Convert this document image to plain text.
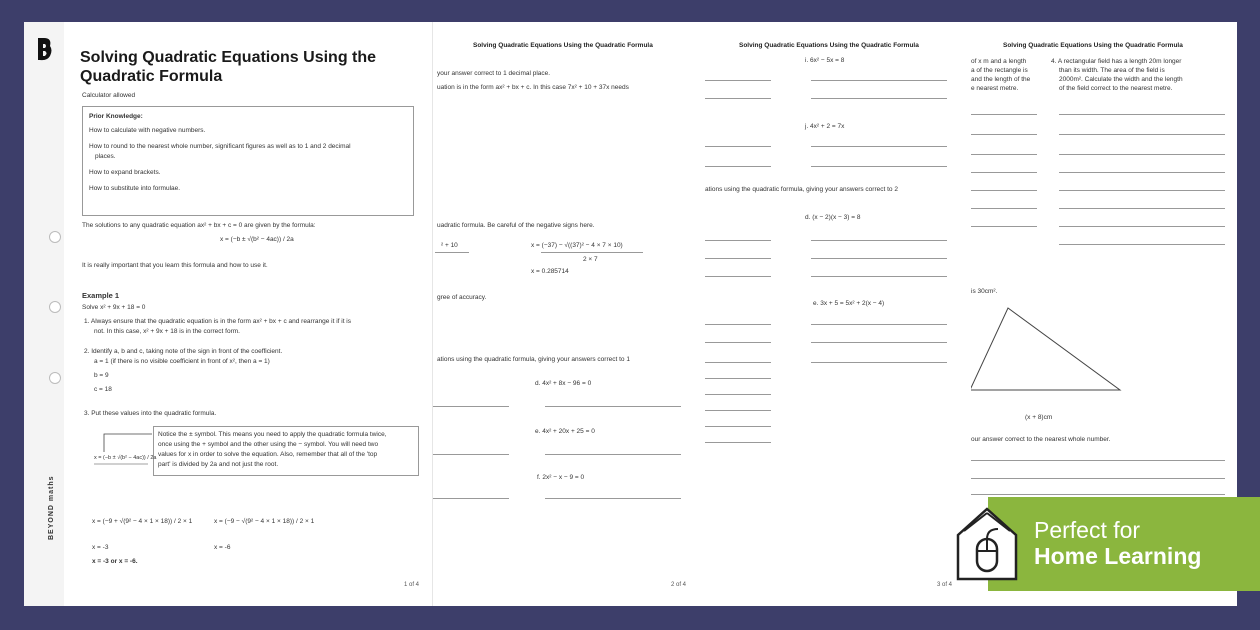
Solving Quadratic Equations Using the Quadratic Formula
of x m and a length
a of the rectangle is
and the length of the
e nearest metre.
4. A rectangular field has a length 20m longer
than its width. The area of the field is
2000m². Calculate the width and the length
of the field correct to the nearest metre.
is 30cm².
(x + 8)cm
our answer correct to the nearest whole number.
Solving Quadratic Equations Using the Quadratic Formula
i. 6x² − 5x = 8
j. 4x² + 2 = 7x
ations using the quadratic formula, giving your answers correct to 2
d. (x − 2)(x − 3) = 8
e. 3x + 5 = 5x² + 2(x − 4)
3 of 4
Solving Quadratic Equations Using the Quadratic Formula
your answer correct to 1 decimal place.
uation is in the form ax² + bx + c. In this case 7x² + 10 + 37x needs
uadratic formula. Be careful of the negative signs here.
² + 10	x = (−37) − √((37)² − 4 × 7 × 10)
2 × 7
x = 0.285714
gree of accuracy.
ations using the quadratic formula, giving your answers correct to 1
d. 4x² + 8x − 96 = 0
e. 4x² + 20x + 25 = 0
f. 2x² − x − 9 = 0
2 of 4
BEYOND maths
Solving Quadratic Equations Using the Quadratic Formula
Calculator allowed
Prior Knowledge:
How to calculate with negative numbers.
How to round to the nearest whole number, significant figures as well as to 1 and 2 decimal
places.
How to expand brackets.
How to substitute into formulae.
The solutions to any quadratic equation ax² + bx + c = 0 are given by the formula:
x = (−b ± √(b² − 4ac)) / 2a
It is really important that you learn this formula and how to use it.
Example 1
Solve x² + 9x + 18 = 0
1. Always ensure that the quadratic equation is in the form ax² + bx + c and rearrange it if it is
not. In this case, x² + 9x + 18 is in the correct form.
2. Identify a, b and c, taking note of the sign in front of the coefficient.
a = 1 (if there is no visible coefficient in front of x², then a = 1)
b = 9
c = 18
3. Put these values into the quadratic formula.
Notice the ± symbol. This means you need to apply the quadratic formula twice,
once using the + symbol and the other using the − symbol. You will need two
values for x in order to solve the equation. Also, remember that all of the 'top
part' is divided by 2a and not just the root.
x = (−b ± √(b² − 4ac)) / 2a
x = (−9 + √(9² − 4 × 1 × 18)) / 2 × 1	x = (−9 − √(9² − 4 × 1 × 18)) / 2 × 1
x = -3	x = -6
x = -3 or x = -6.
1 of 4
Perfect for
Home Learning
